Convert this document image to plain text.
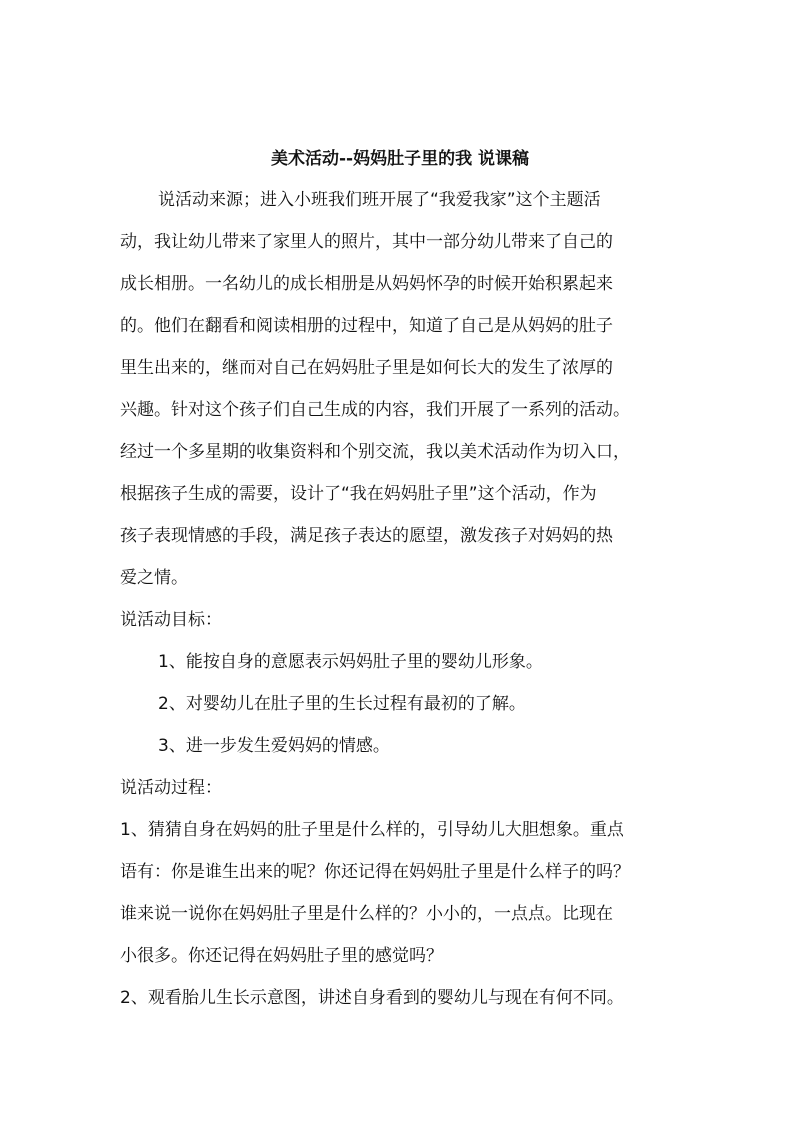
美术活动--妈妈肚子里的我 说课稿
说活动来源；进入小班我们班开展了“我爱我家”这个主题活
动，我让幼儿带来了家里人的照片，其中一部分幼儿带来了自己的
成长相册。一名幼儿的成长相册是从妈妈怀孕的时候开始积累起来
的。他们在翻看和阅读相册的过程中，知道了自己是从妈妈的肚子
里生出来的，继而对自己在妈妈肚子里是如何长大的发生了浓厚的
兴趣。针对这个孩子们自己生成的内容，我们开展了一系列的活动。
经过一个多星期的收集资料和个别交流，我以美术活动作为切入口，
根据孩子生成的需要，设计了“我在妈妈肚子里”这个活动，作为
孩子表现情感的手段，满足孩子表达的愿望，激发孩子对妈妈的热
爱之情。
说活动目标：
1、能按自身的意愿表示妈妈肚子里的婴幼儿形象。
2、对婴幼儿在肚子里的生长过程有最初的了解。
3、进一步发生爱妈妈的情感。
说活动过程：
1、猜猜自身在妈妈的肚子里是什么样的，引导幼儿大胆想象。重点
语有：你是谁生出来的呢？你还记得在妈妈肚子里是什么样子的吗？
谁来说一说你在妈妈肚子里是什么样的？小小的，一点点。比现在
小很多。你还记得在妈妈肚子里的感觉吗？
2、观看胎儿生长示意图，讲述自身看到的婴幼儿与现在有何不同。
